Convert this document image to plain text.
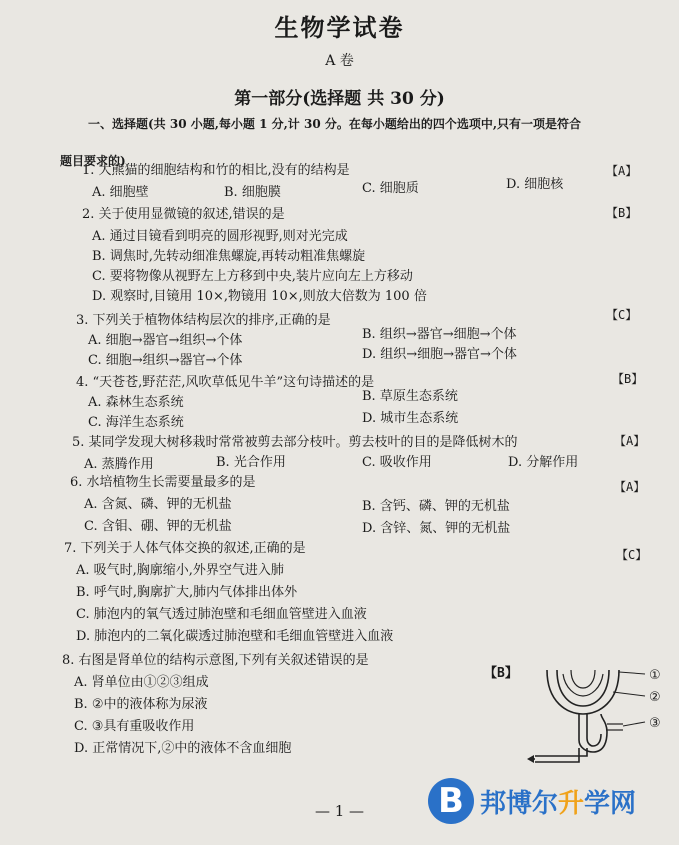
生物学试卷
A 卷
第一部分(选择题 共 30 分)
一、选择题(共 30 小题,每小题 1 分,计 30 分。在每小题给出的四个选项中,只有一项是符合
题目要求的)
1. 大熊猫的细胞结构和竹的相比,没有的结构是	【A】
A. 细胞壁	B. 细胞膜	C. 细胞质	D. 细胞核
2. 关于使用显微镜的叙述,错误的是	【B】
A. 通过目镜看到明亮的圆形视野,则对光完成
B. 调焦时,先转动细准焦螺旋,再转动粗准焦螺旋
C. 要将物像从视野左上方移到中央,装片应向左上方移动
D. 观察时,目镜用 10×,物镜用 10×,则放大倍数为 100 倍
3. 下列关于植物体结构层次的排序,正确的是	【C】
A. 细胞→器官→组织→个体	B. 组织→器官→细胞→个体
C. 细胞→组织→器官→个体	D. 组织→细胞→器官→个体
4. “天苍苍,野茫茫,风吹草低见牛羊”这句诗描述的是	【B】
A. 森林生态系统	B. 草原生态系统
C. 海洋生态系统	D. 城市生态系统
5. 某同学发现大树移栽时常常被剪去部分枝叶。剪去枝叶的目的是降低树木的	【A】
A. 蒸腾作用	B. 光合作用	C. 吸收作用	D. 分解作用
6. 水培植物生长需要量最多的是	【A】
A. 含氮、磷、钾的无机盐	B. 含钙、磷、钾的无机盐
C. 含钼、硼、钾的无机盐	D. 含锌、氮、钾的无机盐
7. 下列关于人体气体交换的叙述,正确的是	【C】
A. 吸气时,胸廓缩小,外界空气进入肺
B. 呼气时,胸廓扩大,肺内气体排出体外
C. 肺泡内的氧气透过肺泡壁和毛细血管壁进入血液
D. 肺泡内的二氧化碳透过肺泡壁和毛细血管壁进入血液
8. 右图是肾单位的结构示意图,下列有关叙述错误的是
【B】
A. 肾单位由①②③组成
B. ②中的液体称为尿液
C. ③具有重吸收作用
D. 正常情况下,②中的液体不含血细胞
①
②
③
— 1 —	B 邦博尔升学网
